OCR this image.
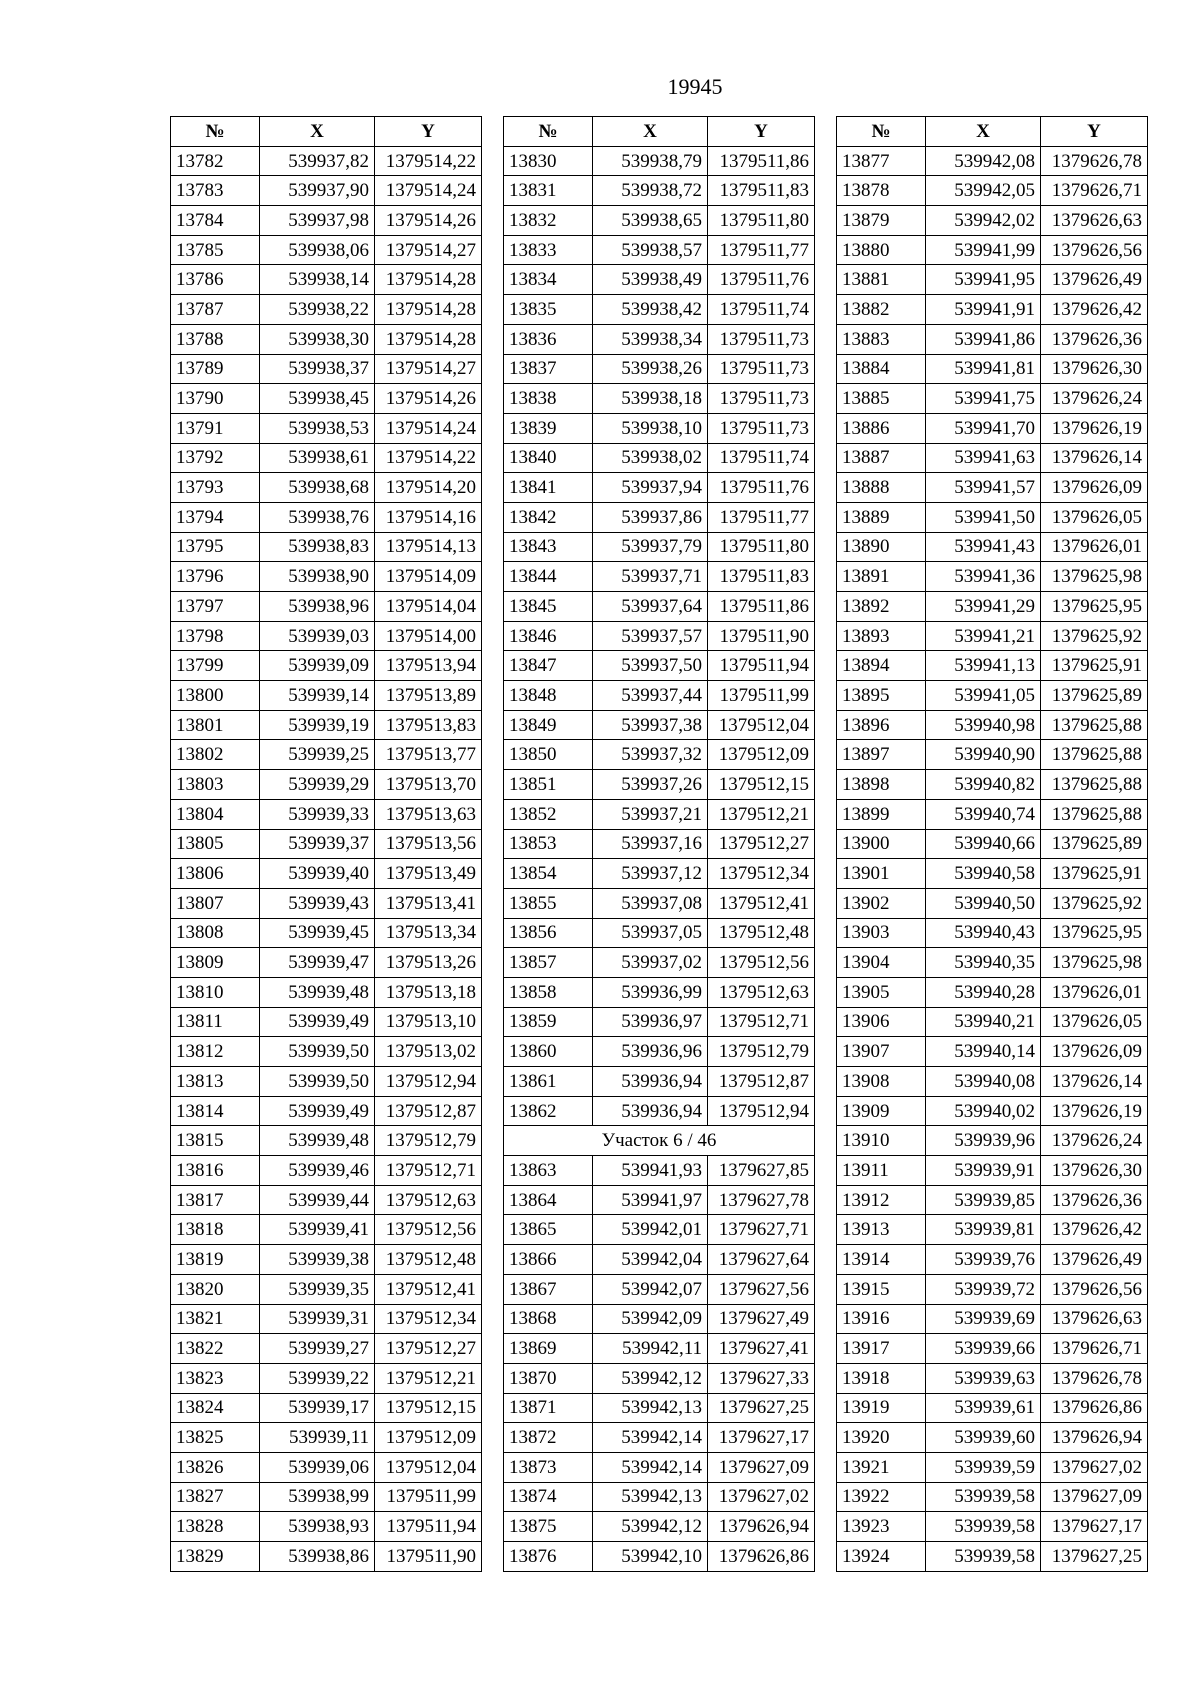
19945
№	X	Y
13782	539937,82	1379514,22
13783	539937,90	1379514,24
13784	539937,98	1379514,26
13785	539938,06	1379514,27
13786	539938,14	1379514,28
13787	539938,22	1379514,28
13788	539938,30	1379514,28
13789	539938,37	1379514,27
13790	539938,45	1379514,26
13791	539938,53	1379514,24
13792	539938,61	1379514,22
13793	539938,68	1379514,20
13794	539938,76	1379514,16
13795	539938,83	1379514,13
13796	539938,90	1379514,09
13797	539938,96	1379514,04
13798	539939,03	1379514,00
13799	539939,09	1379513,94
13800	539939,14	1379513,89
13801	539939,19	1379513,83
13802	539939,25	1379513,77
13803	539939,29	1379513,70
13804	539939,33	1379513,63
13805	539939,37	1379513,56
13806	539939,40	1379513,49
13807	539939,43	1379513,41
13808	539939,45	1379513,34
13809	539939,47	1379513,26
13810	539939,48	1379513,18
13811	539939,49	1379513,10
13812	539939,50	1379513,02
13813	539939,50	1379512,94
13814	539939,49	1379512,87
13815	539939,48	1379512,79
13816	539939,46	1379512,71
13817	539939,44	1379512,63
13818	539939,41	1379512,56
13819	539939,38	1379512,48
13820	539939,35	1379512,41
13821	539939,31	1379512,34
13822	539939,27	1379512,27
13823	539939,22	1379512,21
13824	539939,17	1379512,15
13825	539939,11	1379512,09
13826	539939,06	1379512,04
13827	539938,99	1379511,99
13828	539938,93	1379511,94
13829	539938,86	1379511,90
№	X	Y
13830	539938,79	1379511,86
13831	539938,72	1379511,83
13832	539938,65	1379511,80
13833	539938,57	1379511,77
13834	539938,49	1379511,76
13835	539938,42	1379511,74
13836	539938,34	1379511,73
13837	539938,26	1379511,73
13838	539938,18	1379511,73
13839	539938,10	1379511,73
13840	539938,02	1379511,74
13841	539937,94	1379511,76
13842	539937,86	1379511,77
13843	539937,79	1379511,80
13844	539937,71	1379511,83
13845	539937,64	1379511,86
13846	539937,57	1379511,90
13847	539937,50	1379511,94
13848	539937,44	1379511,99
13849	539937,38	1379512,04
13850	539937,32	1379512,09
13851	539937,26	1379512,15
13852	539937,21	1379512,21
13853	539937,16	1379512,27
13854	539937,12	1379512,34
13855	539937,08	1379512,41
13856	539937,05	1379512,48
13857	539937,02	1379512,56
13858	539936,99	1379512,63
13859	539936,97	1379512,71
13860	539936,96	1379512,79
13861	539936,94	1379512,87
13862	539936,94	1379512,94
Участок 6 / 46		
13863	539941,93	1379627,85
13864	539941,97	1379627,78
13865	539942,01	1379627,71
13866	539942,04	1379627,64
13867	539942,07	1379627,56
13868	539942,09	1379627,49
13869	539942,11	1379627,41
13870	539942,12	1379627,33
13871	539942,13	1379627,25
13872	539942,14	1379627,17
13873	539942,14	1379627,09
13874	539942,13	1379627,02
13875	539942,12	1379626,94
13876	539942,10	1379626,86
№	X	Y
13877	539942,08	1379626,78
13878	539942,05	1379626,71
13879	539942,02	1379626,63
13880	539941,99	1379626,56
13881	539941,95	1379626,49
13882	539941,91	1379626,42
13883	539941,86	1379626,36
13884	539941,81	1379626,30
13885	539941,75	1379626,24
13886	539941,70	1379626,19
13887	539941,63	1379626,14
13888	539941,57	1379626,09
13889	539941,50	1379626,05
13890	539941,43	1379626,01
13891	539941,36	1379625,98
13892	539941,29	1379625,95
13893	539941,21	1379625,92
13894	539941,13	1379625,91
13895	539941,05	1379625,89
13896	539940,98	1379625,88
13897	539940,90	1379625,88
13898	539940,82	1379625,88
13899	539940,74	1379625,88
13900	539940,66	1379625,89
13901	539940,58	1379625,91
13902	539940,50	1379625,92
13903	539940,43	1379625,95
13904	539940,35	1379625,98
13905	539940,28	1379626,01
13906	539940,21	1379626,05
13907	539940,14	1379626,09
13908	539940,08	1379626,14
13909	539940,02	1379626,19
13910	539939,96	1379626,24
13911	539939,91	1379626,30
13912	539939,85	1379626,36
13913	539939,81	1379626,42
13914	539939,76	1379626,49
13915	539939,72	1379626,56
13916	539939,69	1379626,63
13917	539939,66	1379626,71
13918	539939,63	1379626,78
13919	539939,61	1379626,86
13920	539939,60	1379626,94
13921	539939,59	1379627,02
13922	539939,58	1379627,09
13923	539939,58	1379627,17
13924	539939,58	1379627,25
